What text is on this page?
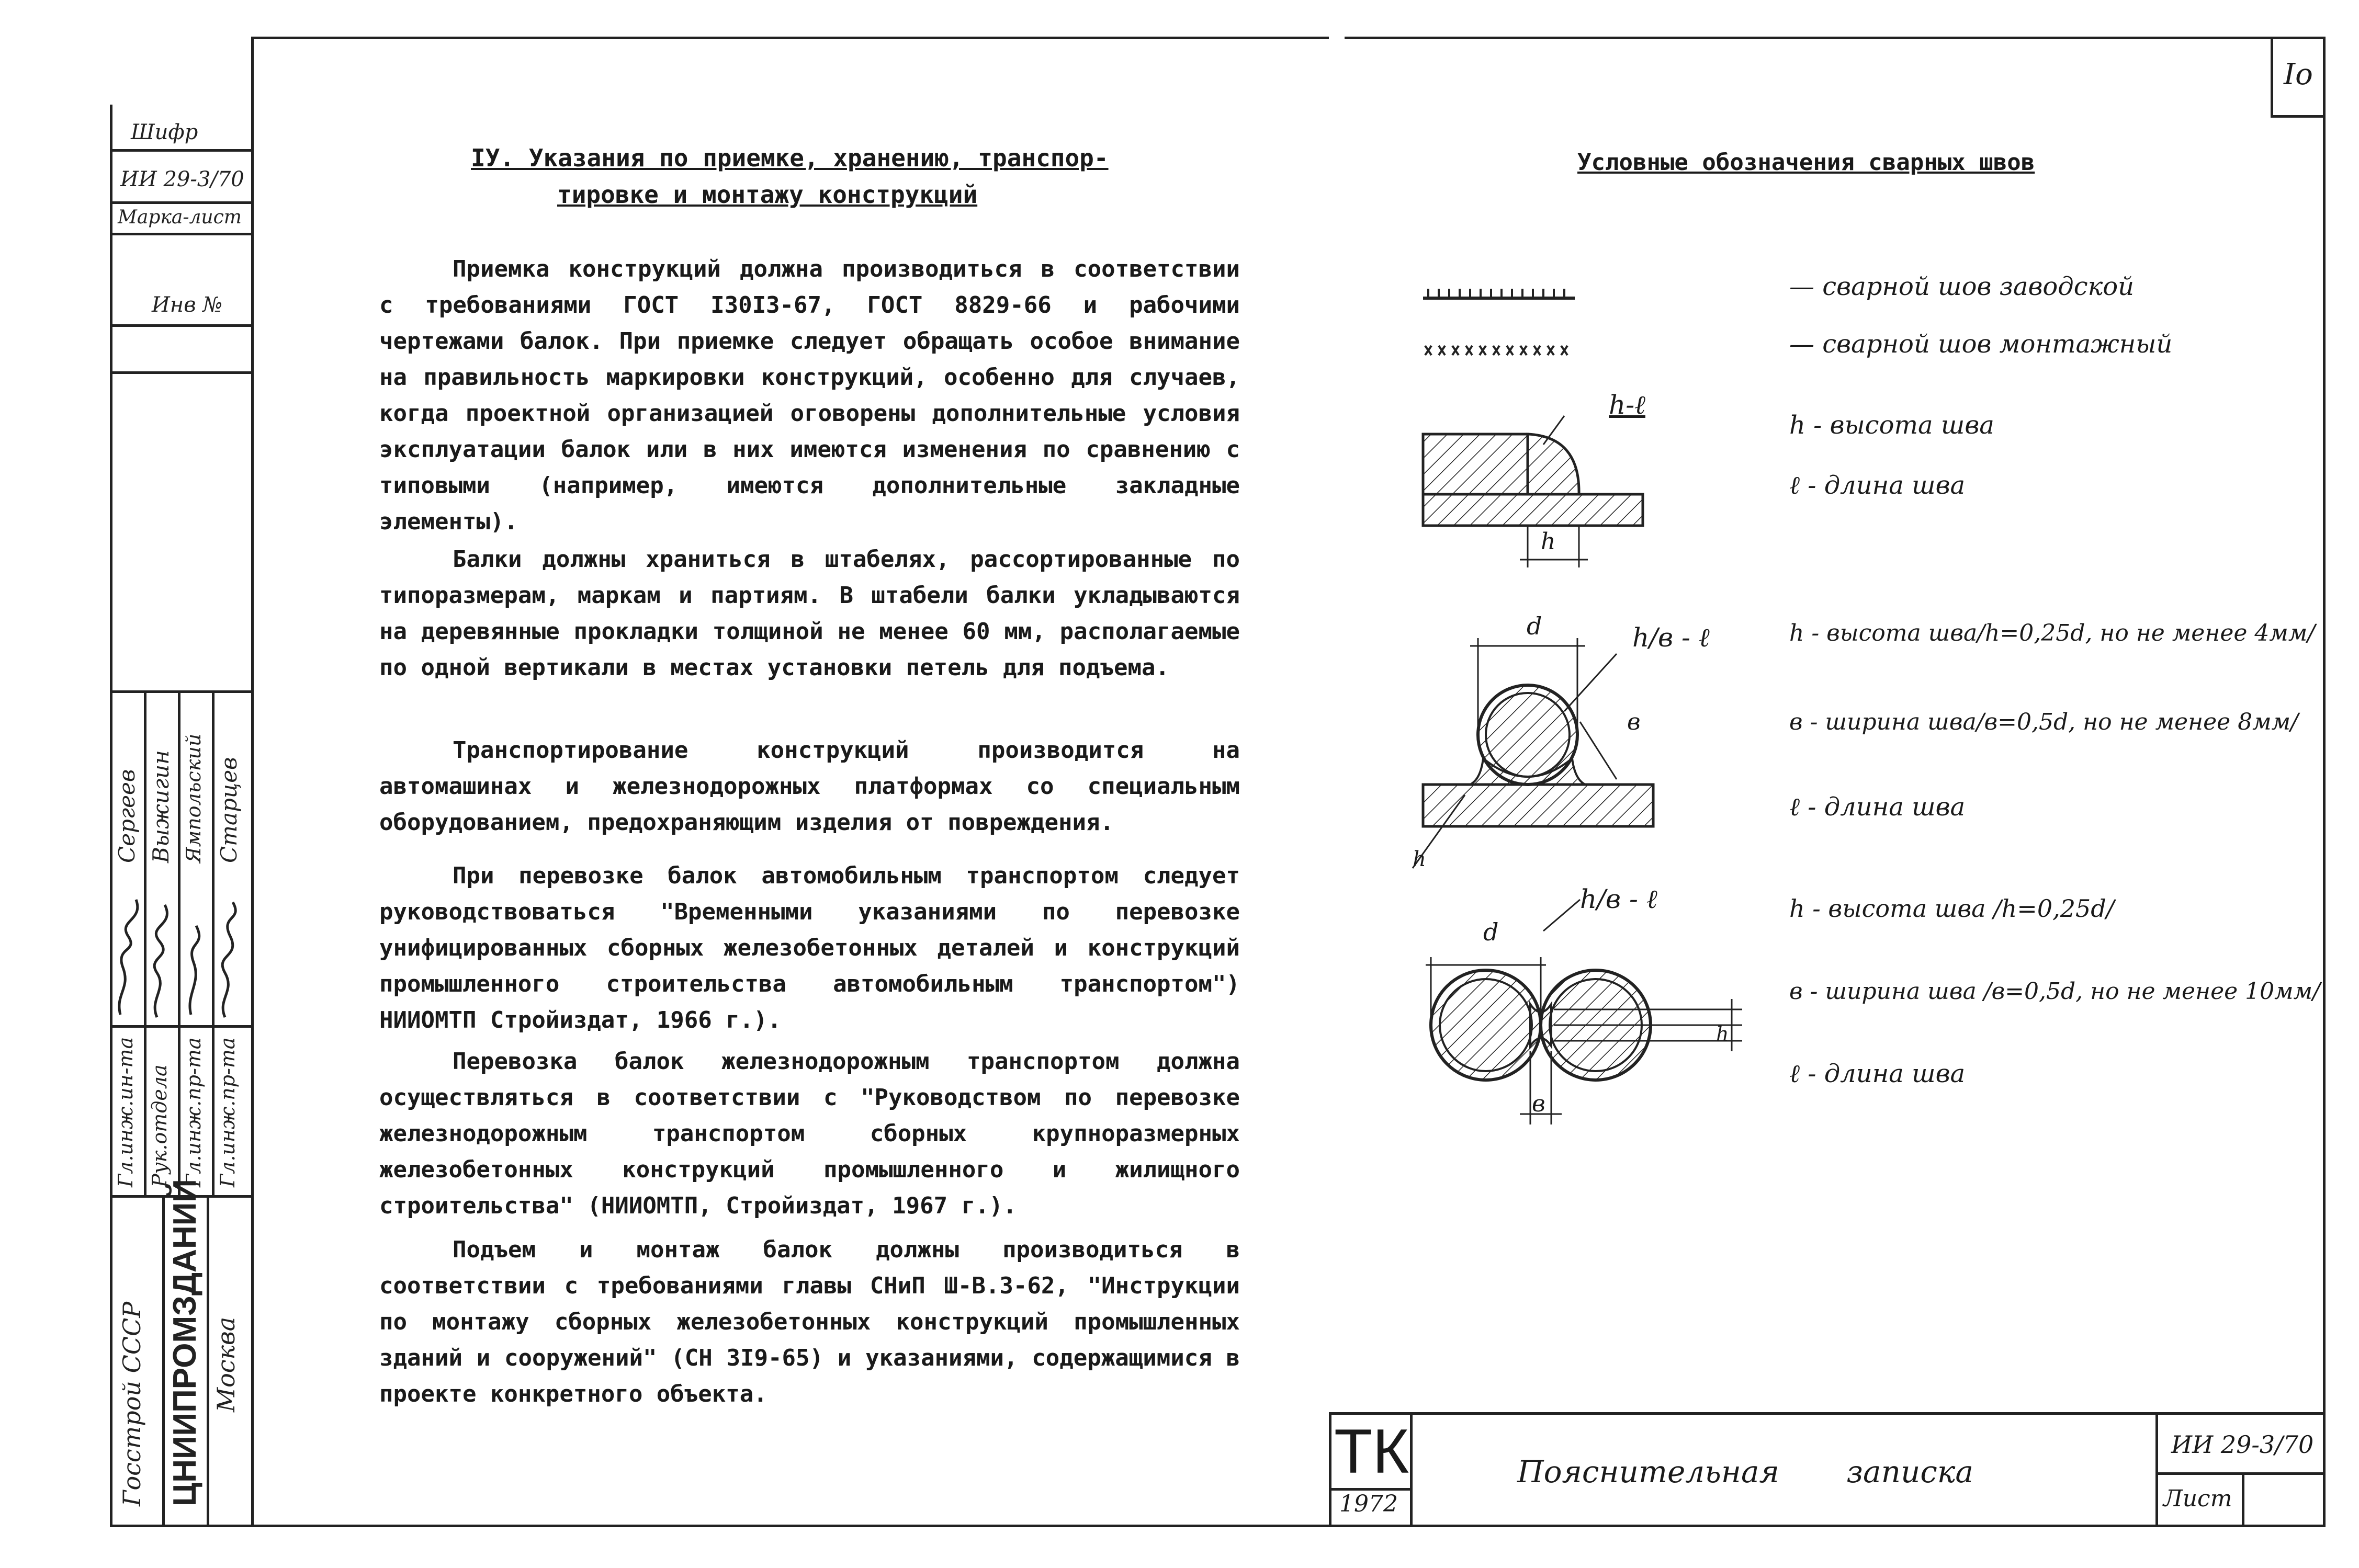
Io
Шифр
ИИ 29-3/70
Марка-лист
Инв №
Гл.инж.ин-та Рук.отдела Гл.инж.пр-та Гл.инж.пр-та
Сергеев Выжигин Ямпольский Старцев
Госстрой СССР ЦНИИПРОМЗДАНИЙ Москва
IУ. Указания по приемке, хранению, транспор-
тировке и монтажу конструкций
Приемка конструкций должна производиться в соответствии с требованиями ГОСТ I30I3-67, ГОСТ 8829-66 и рабочими чертежами балок. При приемке следует обращать особое внимание на правильность маркировки конструкций, особенно для случаев, когда проектной организацией оговорены дополнительные условия эксплуатации балок или в них имеются изменения по сравнению с типовыми (например, имеются дополнительные закладные элементы).
Балки должны храниться в штабелях, рассортированные по типоразмерам, маркам и партиям. В штабели балки укладываются на деревянные прокладки толщиной не менее 60 мм, располагаемые по одной вертикали в местах установки петель для подъема.
Транспортирование конструкций производится на автомашинах и железнодорожных платформах со специальным оборудованием, предохраняющим изделия от повреждения.
При перевозке балок автомобильным транспортом следует руководствоваться "Временными указаниями по перевозке унифицированных сборных железобетонных деталей и конструкций промышленного строительства автомобильным транспортом") НИИОМТП Стройиздат, 1966 г.).
Перевозка балок железнодорожным транспортом должна осуществляться в соответствии с "Руководством по перевозке железнодорожным транспортом сборных крупноразмерных железобетонных конструкций промышленного и жилищного строительства" (НИИОМТП, Стройиздат, 1967 г.).
Подъем и монтаж балок должны производиться в соответствии с требованиями главы СНиП Ш-В.3-62, "Инструкции по монтажу сборных железобетонных конструкций промышленных зданий и сооружений" (СН 3I9-65) и указаниями, содержащимися в проекте конкретного объекта.
Условные обозначения сварных швов
— сварной шов заводской
— сварной шов монтажный
h-ℓ
h
h - высота шва
ℓ - длина шва
d	h/в - ℓ
в
h
h - высота шва/h=0,25d, но не менее 4мм/
в - ширина шва/в=0,5d, но не менее 8мм/
ℓ - длина шва
d
h/в - ℓ
в
h
h - высота шва /h=0,25d/
в - ширина шва /в=0,5d, но не менее 10мм/
ℓ - длина шва
ТК
1972
Пояснительная записка
ИИ 29-3/70
Лист
